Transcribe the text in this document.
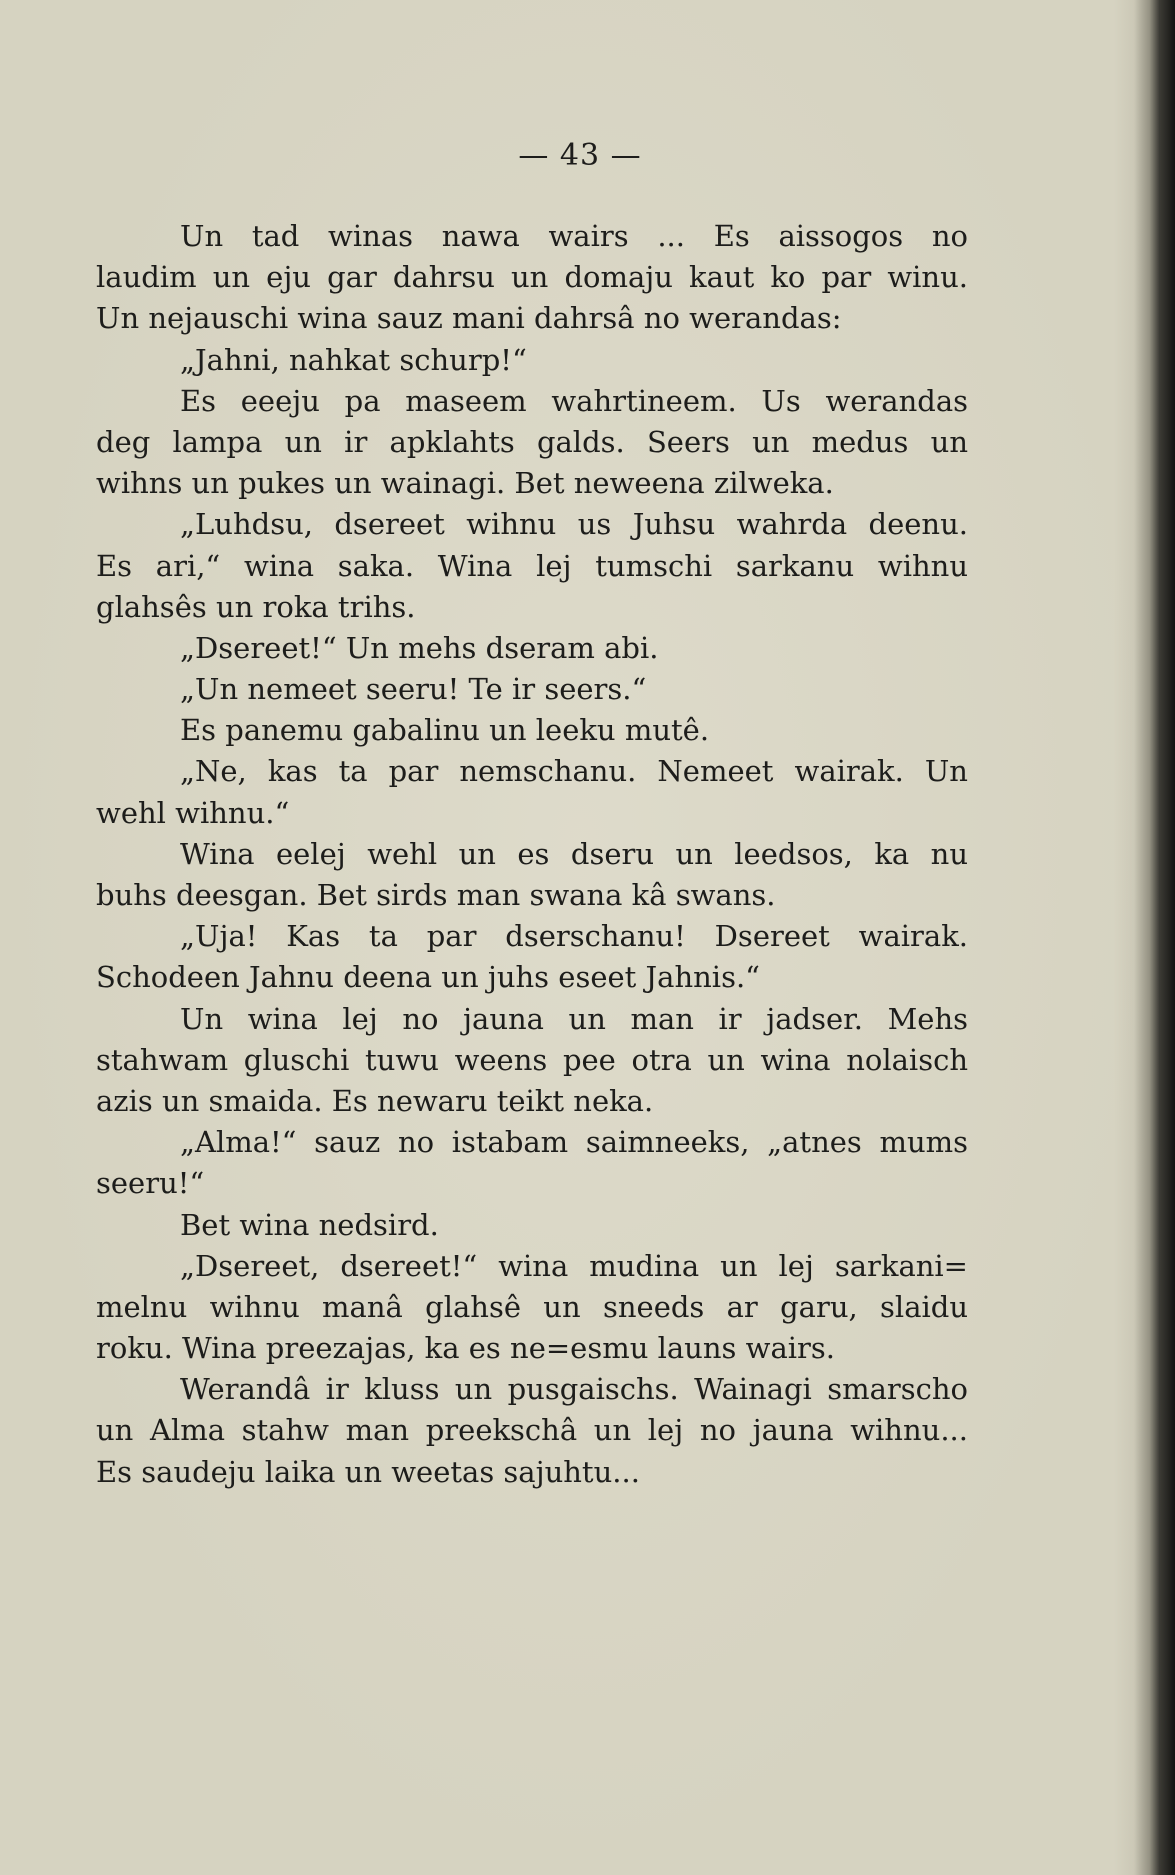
— 43 —
Un tad winas nawa wairs ... Es aissogos no
laudim un eju gar dahrsu un domaju kaut ko par winu.
Un nejauschi wina sauz mani dahrsâ no werandas:
„Jahni, nahkat schurp!“
Es eeeju pa maseem wahrtineem. Us werandas
deg lampa un ir apklahts galds. Seers un medus un
wihns un pukes un wainagi. Bet neweena zilweka.
„Luhdsu, dsereet wihnu us Juhsu wahrda deenu.
Es ari,“ wina saka. Wina lej tumschi sarkanu wihnu
glahsês un roka trihs.
„Dsereet!“ Un mehs dseram abi.
„Un nemeet seeru! Te ir seers.“
Es panemu gabalinu un leeku mutê.
„Ne, kas ta par nemschanu. Nemeet wairak. Un
wehl wihnu.“
Wina eelej wehl un es dseru un leedsos, ka nu
buhs deesgan. Bet sirds man swana kâ swans.
„Uja! Kas ta par dserschanu! Dsereet wairak.
Schodeen Jahnu deena un juhs eseet Jahnis.“
Un wina lej no jauna un man ir jadser. Mehs
stahwam gluschi tuwu weens pee otra un wina nolaisch
azis un smaida. Es newaru teikt neka.
„Alma!“ sauz no istabam saimneeks, „atnes mums
seeru!“
Bet wina nedsird.
„Dsereet, dsereet!“ wina mudina un lej sarkani=
melnu wihnu manâ glahsê un sneeds ar garu, slaidu
roku. Wina preezajas, ka es ne=esmu launs wairs.
Werandâ ir kluss un pusgaischs. Wainagi smarscho
un Alma stahw man preekschâ un lej no jauna wihnu...
Es saudeju laika un weetas sajuhtu...
